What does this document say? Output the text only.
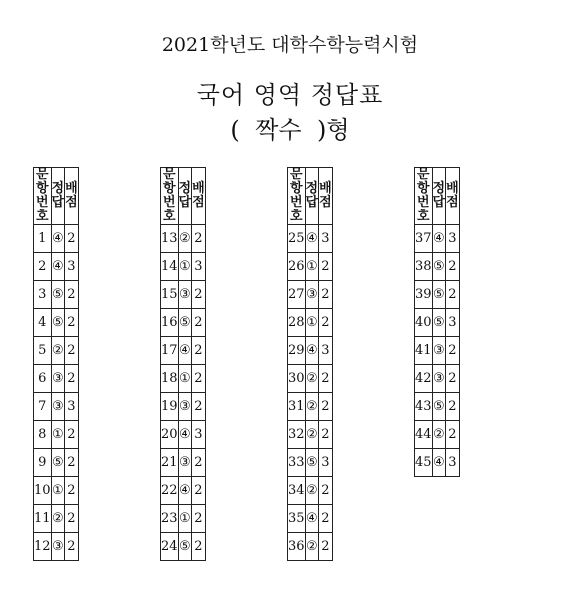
2021학년도 대학수학능력시험
국어 영역 정답표
( 짝수 )형
문항
번호	정 답	배 점
1	④	2
2	④	3
3	⑤	2
4	⑤	2
5	②	2
6	③	2
7	③	3
8	①	2
9	⑤	2
10	①	2
11	②	2
12	③	2
문항
번호	정 답	배 점
13	②	2
14	①	3
15	③	2
16	⑤	2
17	④	2
18	①	2
19	③	2
20	④	3
21	③	2
22	④	2
23	①	2
24	⑤	2
문항
번호	정 답	배 점
25	④	3
26	①	2
27	③	2
28	①	2
29	④	3
30	②	2
31	②	2
32	②	2
33	⑤	3
34	②	2
35	④	2
36	②	2
문항
번호	정 답	배 점
37	④	3
38	⑤	2
39	⑤	2
40	⑤	3
41	③	2
42	③	2
43	⑤	2
44	②	2
45	④	3
